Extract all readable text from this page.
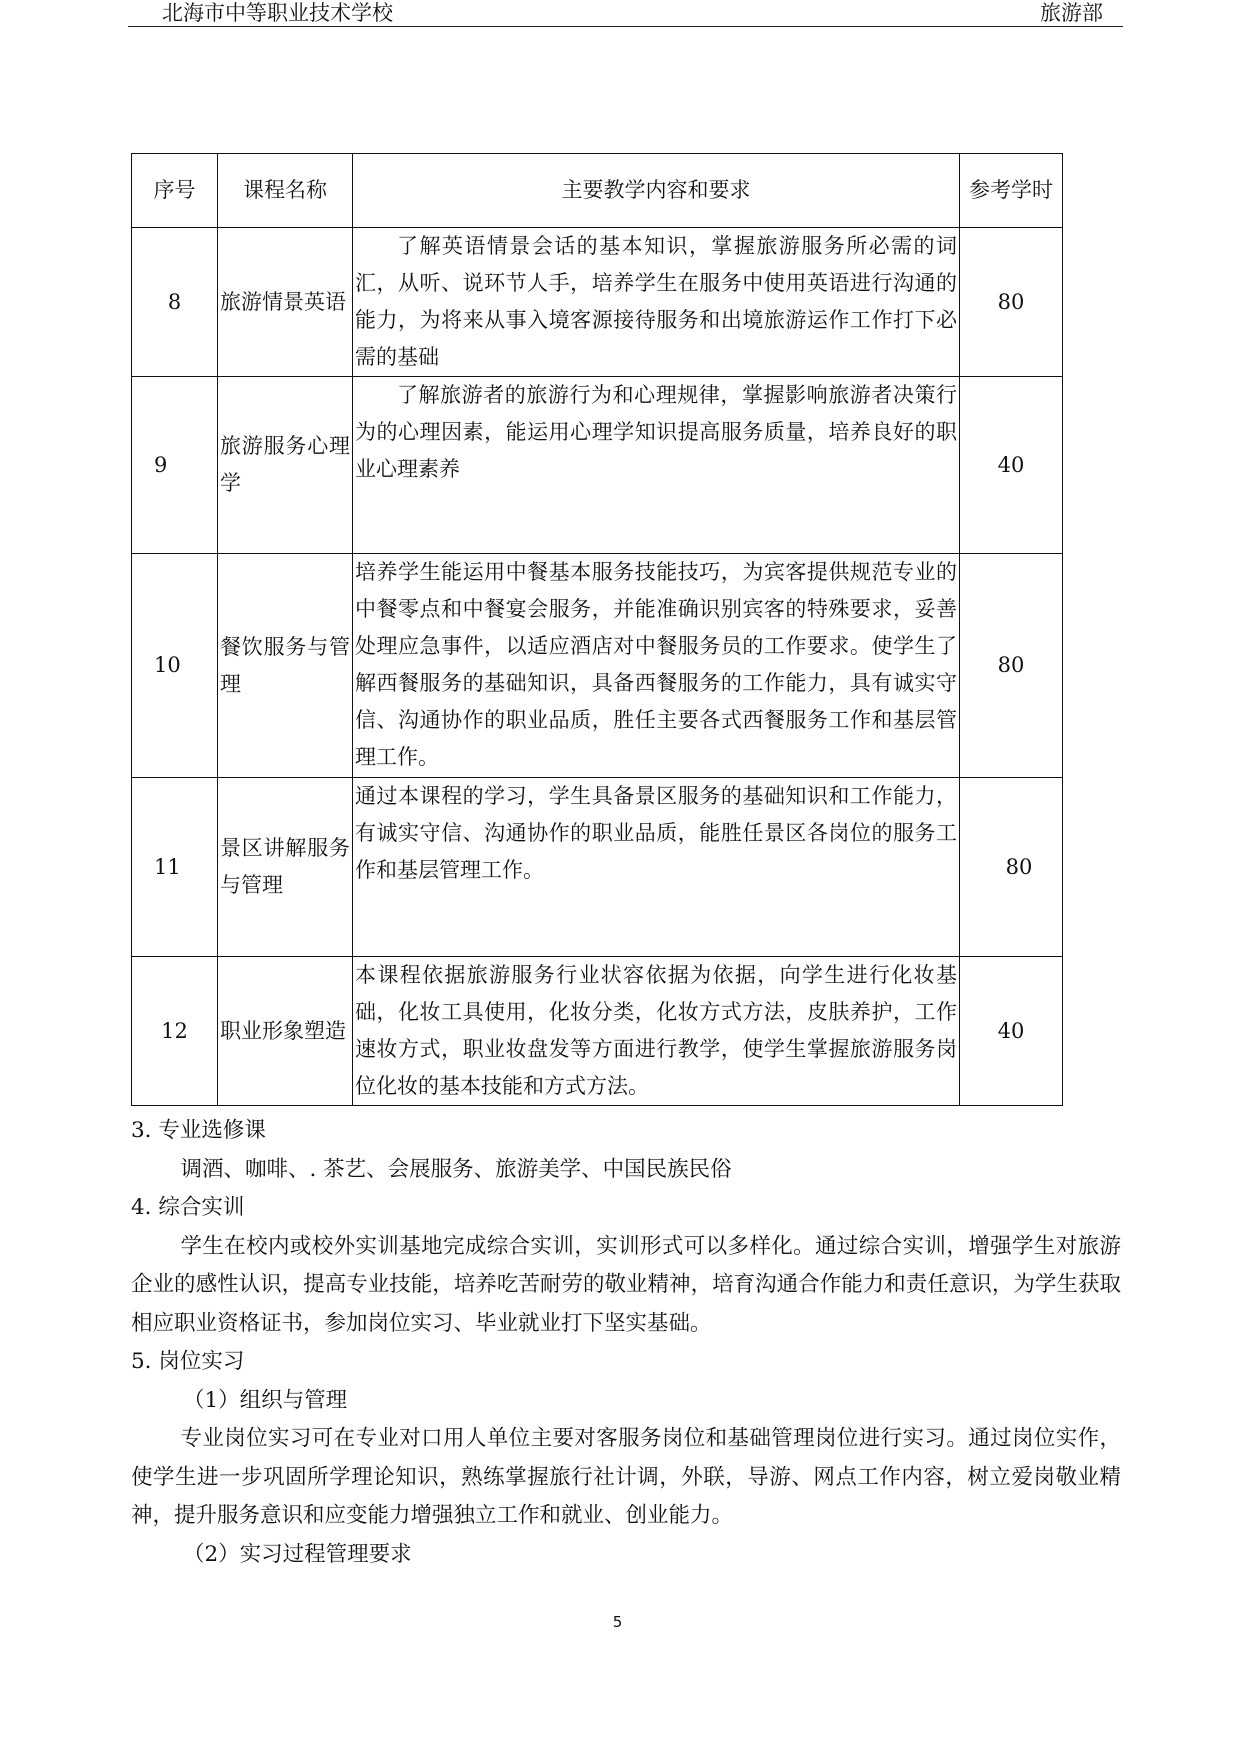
北海市中等职业技术学校	旅游部
序号	课程名称	主要教学内容和要求	参考学时
8	旅游情景英语	了解英语情景会话的基本知识，掌握旅游服务所必需的词汇，从听、说环节人手，培养学生在服务中使用英语进行沟通的能力，为将来从事入境客源接待服务和出境旅游运作工作打下必需的基础	80
9	旅游服务心理学	了解旅游者的旅游行为和心理规律，掌握影响旅游者决策行为的心理因素，能运用心理学知识提高服务质量，培养良好的职业心理素养	40
10	餐饮服务与管理	培养学生能运用中餐基本服务技能技巧，为宾客提供规范专业的中餐零点和中餐宴会服务，并能准确识别宾客的特殊要求，妥善处理应急事件，以适应酒店对中餐服务员的工作要求。使学生了解西餐服务的基础知识，具备西餐服务的工作能力，具有诚实守信、沟通协作的职业品质，胜任主要各式西餐服务工作和基层管理工作。	80
11	景区讲解服务与管理	通过本课程的学习，学生具备景区服务的基础知识和工作能力，有诚实守信、沟通协作的职业品质，能胜任景区各岗位的服务工作和基层管理工作。	80
12	职业形象塑造	本课程依据旅游服务行业状容依据为依据，向学生进行化妆基础，化妆工具使用，化妆分类，化妆方式方法，皮肤养护，工作速妆方式，职业妆盘发等方面进行教学，使学生掌握旅游服务岗位化妆的基本技能和方式方法。	40

3. 专业选修课

调酒、咖啡、. 茶艺、会展服务、旅游美学、中国民族民俗

4. 综合实训

学生在校内或校外实训基地完成综合实训，实训形式可以多样化。通过综合实训，增强学生对旅游企业的感性认识，提高专业技能，培养吃苦耐劳的敬业精神，培育沟通合作能力和责任意识，为学生获取相应职业资格证书，参加岗位实习、毕业就业打下坚实基础。

5. 岗位实习

（1）组织与管理

专业岗位实习可在专业对口用人单位主要对客服务岗位和基础管理岗位进行实习。通过岗位实作，使学生进一步巩固所学理论知识，熟练掌握旅行社计调，外联，导游、网点工作内容，树立爱岗敬业精神，提升服务意识和应变能力增强独立工作和就业、创业能力。

（2）实习过程管理要求

5
